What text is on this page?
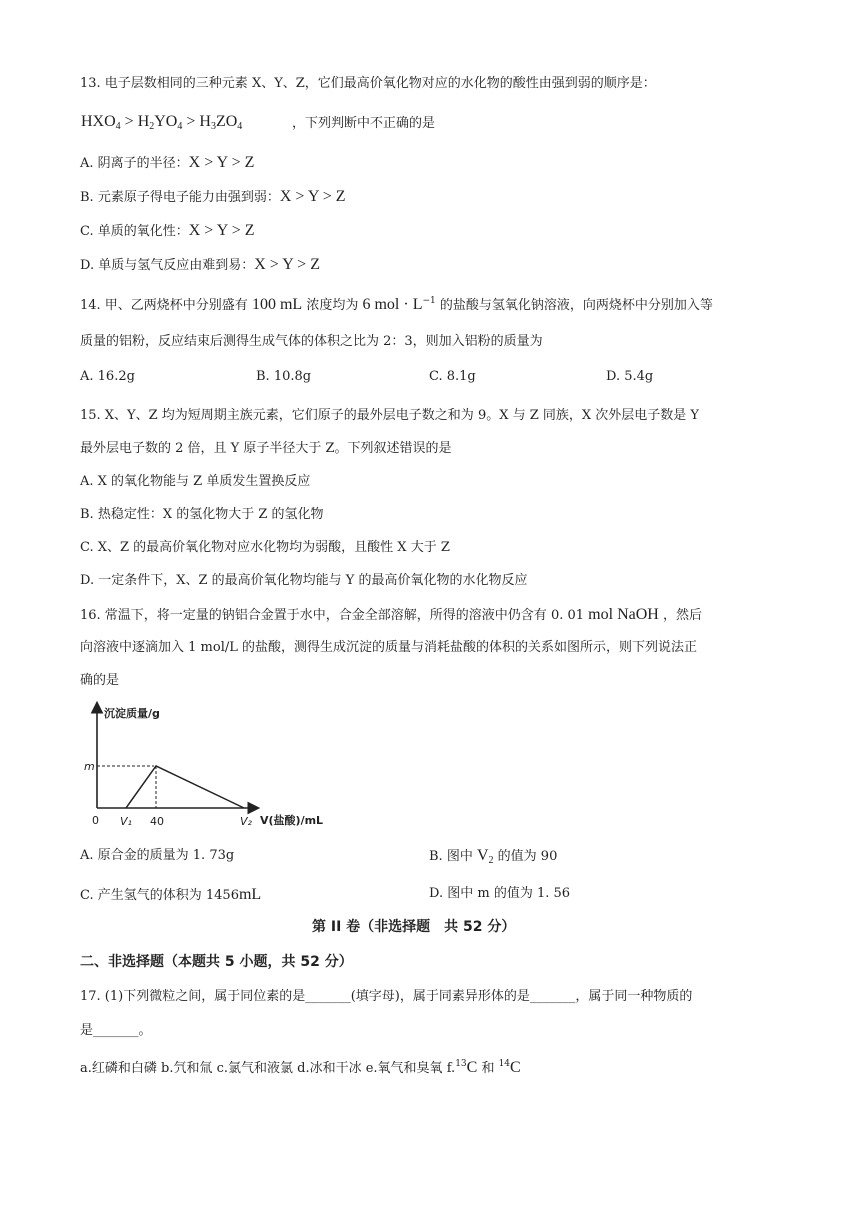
13. 电子层数相同的三种元素 X、Y、Z，它们最高价氧化物对应的水化物的酸性由强到弱的顺序是：
$HXO_4 > H_2YO_4 > H_3ZO_4$	，下列判断中不正确的是
A. 阴离子的半径：X > Y > Z
B. 元素原子得电子能力由强到弱：X > Y > Z
C. 单质的氧化性：X > Y > Z
D. 单质与氢气反应由难到易：X > Y > Z
14. 甲、乙两烧杯中分别盛有 100 mL 浓度均为 6 mol · $L^{-1}$ 的盐酸与氢氧化钠溶液，向两烧杯中分别加入等
质量的铝粉，反应结束后测得生成气体的体积之比为 2：3，则加入铝粉的质量为
A. 16.2g	B. 10.8g	C. 8.1g	D. 5.4g
15. X、Y、Z 均为短周期主族元素，它们原子的最外层电子数之和为 9。X 与 Z 同族，X 次外层电子数是 Y
最外层电子数的 2 倍，且 Y 原子半径大于 Z。下列叙述错误的是
A. X 的氧化物能与 Z 单质发生置换反应
B. 热稳定性：X 的氢化物大于 Z 的氢化物
C. X、Z 的最高价氧化物对应水化物均为弱酸，且酸性 X 大于 Z
D. 一定条件下，X、Z 的最高价氧化物均能与 Y 的最高价氧化物的水化物反应
16. 常温下，将一定量的钠铝合金置于水中，合金全部溶解，所得的溶液中仍含有 0. 01 mol NaOH ，然后
向溶液中逐滴加入 1 mol/L 的盐酸，测得生成沉淀的质量与消耗盐酸的体积的关系如图所示，则下列说法正
确的是
沉淀质量/g
V(盐酸)/mL
m
0 V₁ 40	V₂
A. 原合金的质量为 1. 73g	B. 图中 $V_2$ 的值为 90
C. 产生氢气的体积为 1456mL	D. 图中 m 的值为 1. 56
第 II 卷（非选择题　共 52 分）
二、非选择题（本题共 5 小题，共 52 分）
17. (1)下列微粒之间，属于同位素的是_______(填字母)，属于同素异形体的是_______，属于同一种物质的
是_______。
a.红磷和白磷 b.氕和氚 c.氯气和液氯 d.冰和干冰 e.氧气和臭氧 f.$^{13}$C 和 $^{14}$C
